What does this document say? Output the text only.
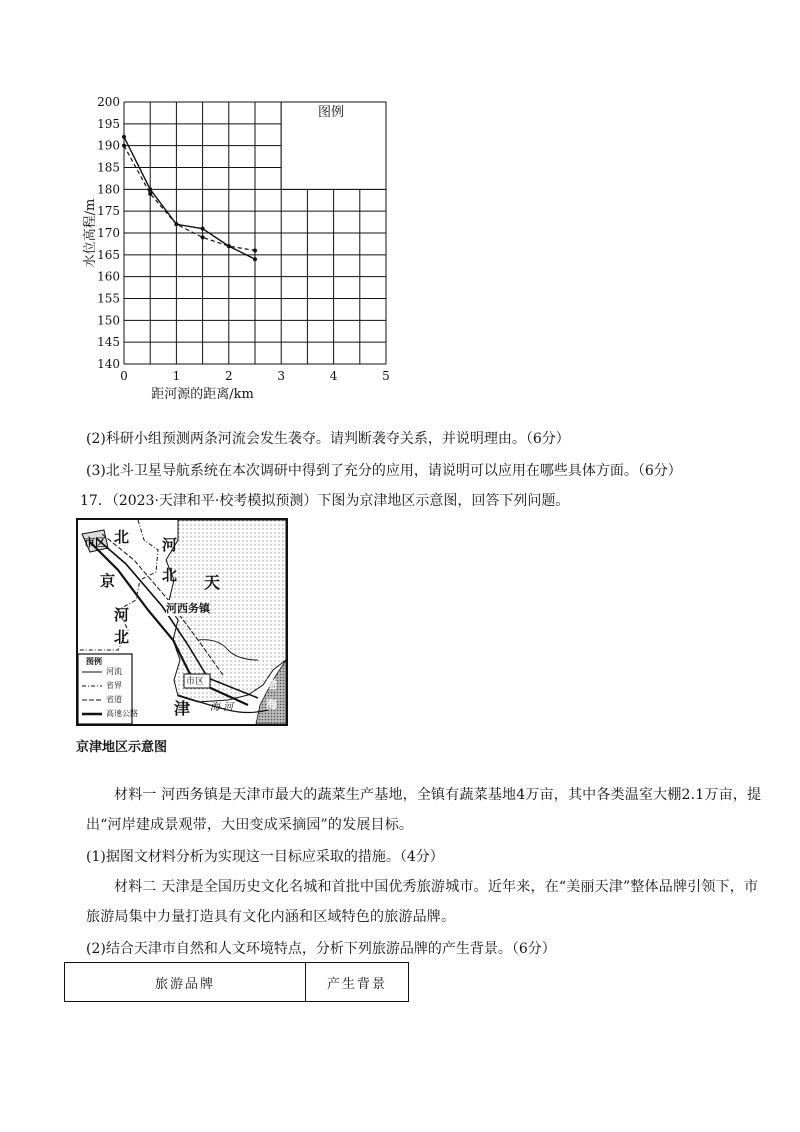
140
145
150
155
160
165
170
175
180
185
190
195
200
0	1	2	3	4	5
图例
距河源的距离/km
水位高程/m
(2)科研小组预测两条河流会发生袭夺。请判断袭夺关系，并说明理由。（6分）
(3)北斗卫星导航系统在本次调研中得到了充分的应用，请说明可以应用在哪些具体方面。（6分）
17．（2023·天津和平·校考模拟预测）下图为京津地区示意图，回答下列问题。
市区 北
京
河
北 天
河
北
河西务镇
市区
津 海 河
渤
海
图例
河流
省界
省道
高速公路
京津地区示意图
材料一 河西务镇是天津市最大的蔬菜生产基地，全镇有蔬菜基地4万亩，其中各类温室大棚2.1万亩，提出“河岸建成景观带，大田变成采摘园”的发展目标。
(1)据图文材料分析为实现这一目标应采取的措施。（4分）
材料二 天津是全国历史文化名城和首批中国优秀旅游城市。近年来，在“美丽天津”整体品牌引领下，市旅游局集中力量打造具有文化内涵和区域特色的旅游品牌。
(2)结合天津市自然和人文环境特点，分析下列旅游品牌的产生背景。（6分）
旅游品牌	产生背景
